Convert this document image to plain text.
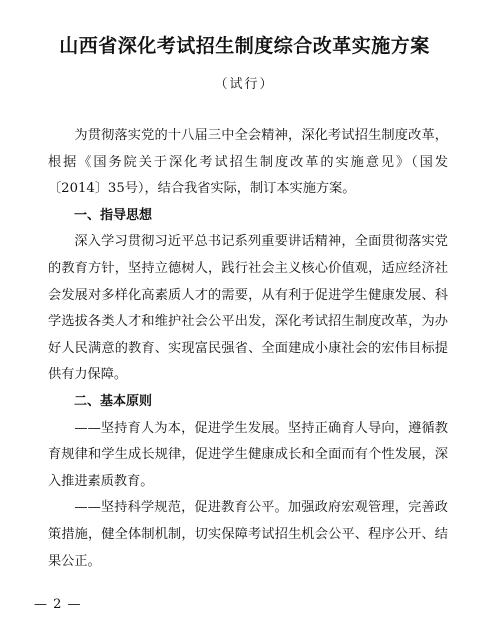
山西省深化考试招生制度综合改革实施方案
（试行）

为贯彻落实党的十八届三中全会精神，深化考试招生制度改革，根据《国务院关于深化考试招生制度改革的实施意见》（国发〔2014〕35号），结合我省实际，制订本实施方案。

一、指导思想

深入学习贯彻习近平总书记系列重要讲话精神，全面贯彻落实党的教育方针，坚持立德树人，践行社会主义核心价值观，适应经济社会发展对多样化高素质人才的需要，从有利于促进学生健康发展、科学选拔各类人才和维护社会公平出发，深化考试招生制度改革，为办好人民满意的教育、实现富民强省、全面建成小康社会的宏伟目标提供有力保障。

二、基本原则

——坚持育人为本，促进学生发展。坚持正确育人导向，遵循教育规律和学生成长规律，促进学生健康成长和全面而有个性发展，深入推进素质教育。

——坚持科学规范，促进教育公平。加强政府宏观管理，完善政策措施，健全体制机制，切实保障考试招生机会公平、程序公开、结果公正。

— 2 —
